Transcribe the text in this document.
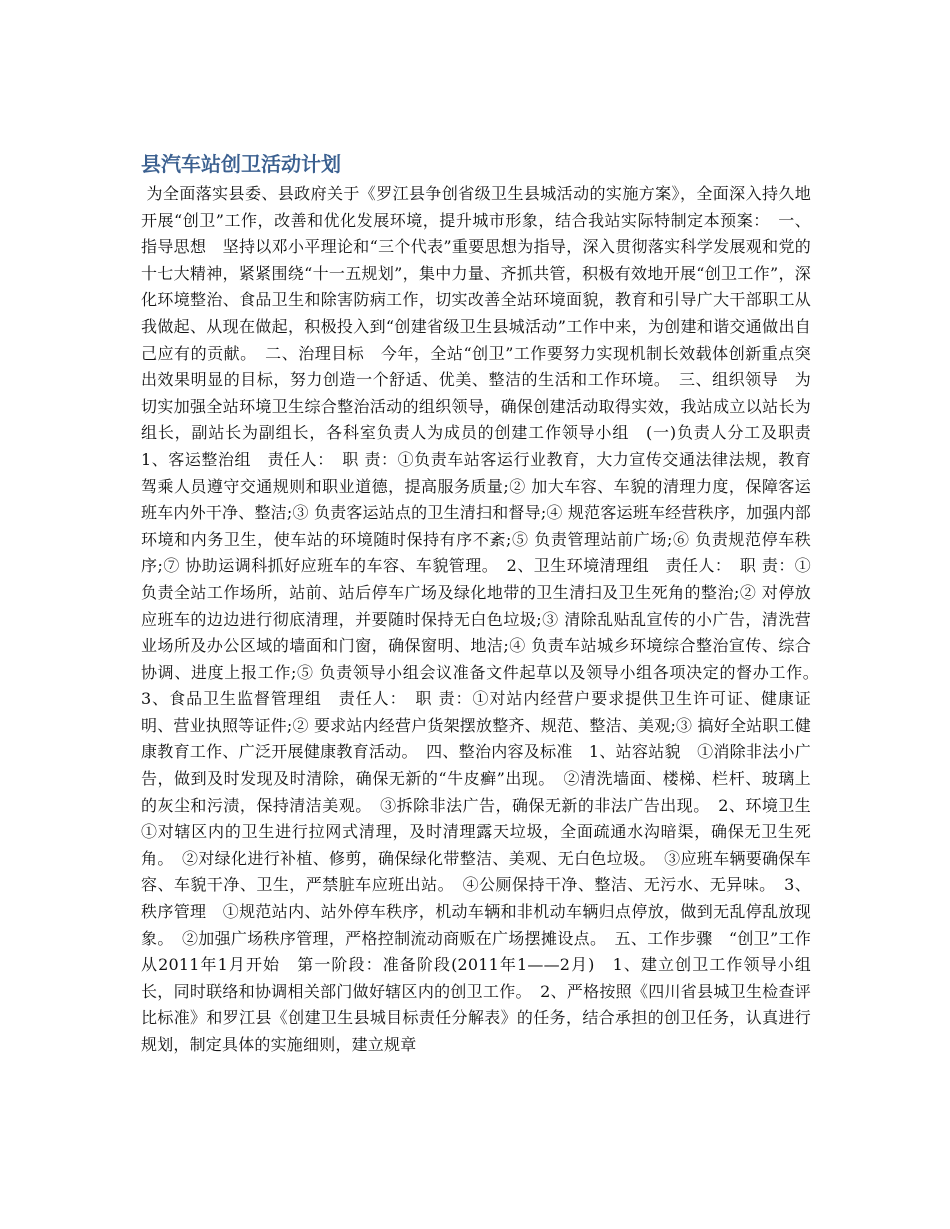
县汽车站创卫活动计划

为全面落实县委、县政府关于《罗江县争创省级卫生县城活动的实施方案》，全面深入持久地开展“创卫”工作，改善和优化发展环境，提升城市形象，结合我站实际特制定本预案：　一、指导思想　坚持以邓小平理论和“三个代表”重要思想为指导，深入贯彻落实科学发展观和党的十七大精神，紧紧围绕“十一五规划”，集中力量、齐抓共管，积极有效地开展“创卫工作”，深化环境整治、食品卫生和除害防病工作，切实改善全站环境面貌，教育和引导广大干部职工从我做起、从现在做起，积极投入到“创建省级卫生县城活动”工作中来，为创建和谐交通做出自己应有的贡献。　二、治理目标　今年，全站“创卫”工作要努力实现机制长效载体创新重点突出效果明显的目标，努力创造一个舒适、优美、整洁的生活和工作环境。　三、组织领导　为切实加强全站环境卫生综合整治活动的组织领导，确保创建活动取得实效，我站成立以站长为组长，副站长为副组长，各科室负责人为成员的创建工作领导小组　(一)负责人分工及职责　1、客运整治组　责任人：　职 责：①负责车站客运行业教育，大力宣传交通法律法规，教育驾乘人员遵守交通规则和职业道德，提高服务质量;② 加大车容、车貌的清理力度，保障客运班车内外干净、整洁;③ 负责客运站点的卫生清扫和督导;④ 规范客运班车经营秩序，加强内部环境和内务卫生，使车站的环境随时保持有序不紊;⑤ 负责管理站前广场;⑥ 负责规范停车秩序;⑦ 协助运调科抓好应班车的车容、车貌管理。　2、卫生环境清理组　责任人：　职 责：①负责全站工作场所，站前、站后停车广场及绿化地带的卫生清扫及卫生死角的整治;② 对停放应班车的边边进行彻底清理，并要随时保持无白色垃圾;③ 清除乱贴乱宣传的小广告，清洗营业场所及办公区域的墙面和门窗，确保窗明、地洁;④ 负责车站城乡环境综合整治宣传、综合协调、进度上报工作;⑤ 负责领导小组会议准备文件起草以及领导小组各项决定的督办工作。　3、食品卫生监督管理组　责任人：　职 责：①对站内经营户要求提供卫生许可证、健康证明、营业执照等证件;② 要求站内经营户货架摆放整齐、规范、整洁、美观;③ 搞好全站职工健康教育工作、广泛开展健康教育活动。　四、整治内容及标准　1、站容站貌　①消除非法小广告，做到及时发现及时清除，确保无新的“牛皮癣”出现。　②清洗墙面、楼梯、栏杆、玻璃上的灰尘和污渍，保持清洁美观。　③拆除非法广告，确保无新的非法广告出现。　2、环境卫生　①对辖区内的卫生进行拉网式清理，及时清理露天垃圾，全面疏通水沟暗渠，确保无卫生死角。　②对绿化进行补植、修剪，确保绿化带整洁、美观、无白色垃圾。　③应班车辆要确保车容、车貌干净、卫生，严禁脏车应班出站。　④公厕保持干净、整洁、无污水、无异味。　3、秩序管理　①规范站内、站外停车秩序，机动车辆和非机动车辆归点停放，做到无乱停乱放现象。　②加强广场秩序管理，严格控制流动商贩在广场摆摊设点。　五、工作步骤　“创卫”工作从2011年1月开始　第一阶段：准备阶段(2011年1——2月)　1、建立创卫工作领导小组长，同时联络和协调相关部门做好辖区内的创卫工作。　2、严格按照《四川省县城卫生检查评比标准》和罗江县《创建卫生县城目标责任分解表》的任务，结合承担的创卫任务，认真进行规划，制定具体的实施细则，建立规章
